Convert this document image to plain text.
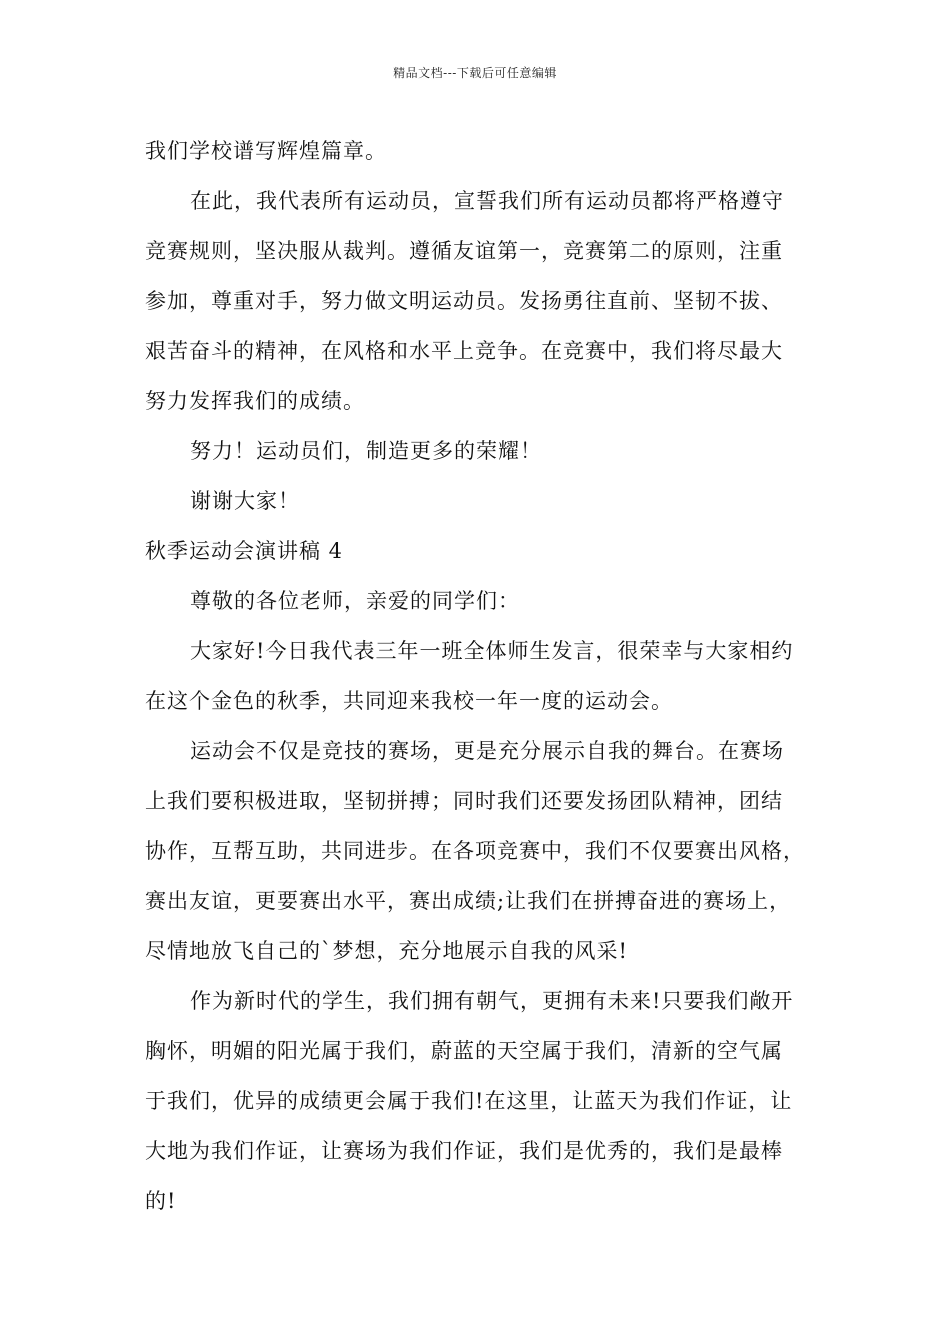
精品文档---下载后可任意编辑
我们学校谱写辉煌篇章。
在此，我代表所有运动员，宣誓我们所有运动员都将严格遵守
竞赛规则，坚决服从裁判。遵循友谊第一，竞赛第二的原则，注重
参加，尊重对手，努力做文明运动员。发扬勇往直前、坚韧不拔、
艰苦奋斗的精神，在风格和水平上竞争。在竞赛中，我们将尽最大
努力发挥我们的成绩。
努力！运动员们，制造更多的荣耀！
谢谢大家！
秋季运动会演讲稿 4
尊敬的各位老师，亲爱的同学们：
大家好!今日我代表三年一班全体师生发言，很荣幸与大家相约
在这个金色的秋季，共同迎来我校一年一度的运动会。
运动会不仅是竞技的赛场，更是充分展示自我的舞台。在赛场
上我们要积极进取，坚韧拼搏；同时我们还要发扬团队精神，团结
协作，互帮互助，共同进步。在各项竞赛中，我们不仅要赛出风格，
赛出友谊，更要赛出水平，赛出成绩;让我们在拼搏奋进的赛场上，
尽情地放飞自己的`梦想，充分地展示自我的风采!
作为新时代的学生，我们拥有朝气，更拥有未来!只要我们敞开
胸怀，明媚的阳光属于我们，蔚蓝的天空属于我们，清新的空气属
于我们，优异的成绩更会属于我们!在这里，让蓝天为我们作证，让
大地为我们作证，让赛场为我们作证，我们是优秀的，我们是最棒
的!
